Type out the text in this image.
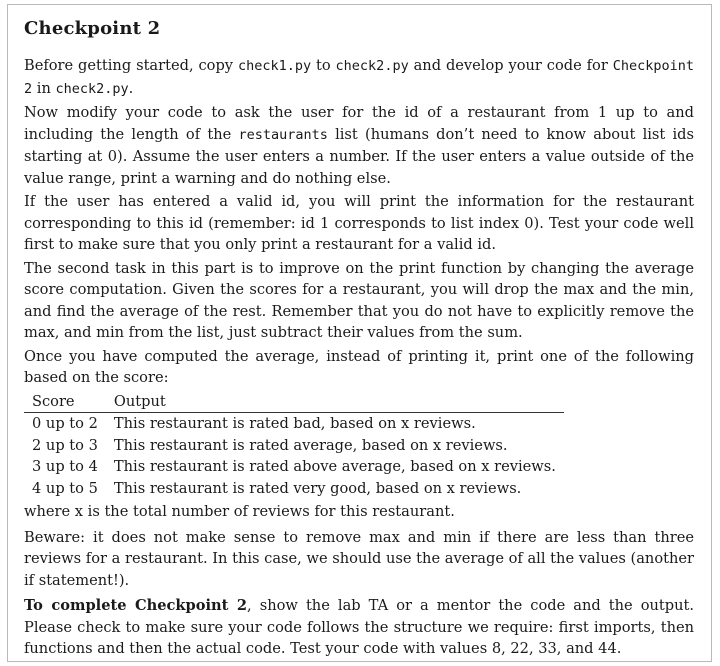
Checkpoint 2

Before getting started, copy check1.py to check2.py and develop your code for Checkpoint 2 in check2.py.

Now modify your code to ask the user for the id of a restaurant from 1 up to and including the length of the restaurants list (humans don’t need to know about list ids starting at 0). Assume the user enters a number. If the user enters a value outside of the value range, print a warning and do nothing else.

If the user has entered a valid id, you will print the information for the restaurant corresponding to this id (remember: id 1 corresponds to list index 0). Test your code well first to make sure that you only print a restaurant for a valid id.

The second task in this part is to improve on the print function by changing the average score computation. Given the scores for a restaurant, you will drop the max and the min, and find the average of the rest. Remember that you do not have to explicitly remove the max, and min from the list, just subtract their values from the sum.

Once you have computed the average, instead of printing it, print one of the following based on the score:

Score	Output
0 up to 2	This restaurant is rated bad, based on x reviews.
2 up to 3	This restaurant is rated average, based on x reviews.
3 up to 4	This restaurant is rated above average, based on x reviews.
4 up to 5	This restaurant is rated very good, based on x reviews.

where x is the total number of reviews for this restaurant.

Beware: it does not make sense to remove max and min if there are less than three reviews for a restaurant. In this case, we should use the average of all the values (another if statement!).

To complete Checkpoint 2, show the lab TA or a mentor the code and the output. Please check to make sure your code follows the structure we require: first imports, then functions and then the actual code. Test your code with values 8, 22, 33, and 44.
